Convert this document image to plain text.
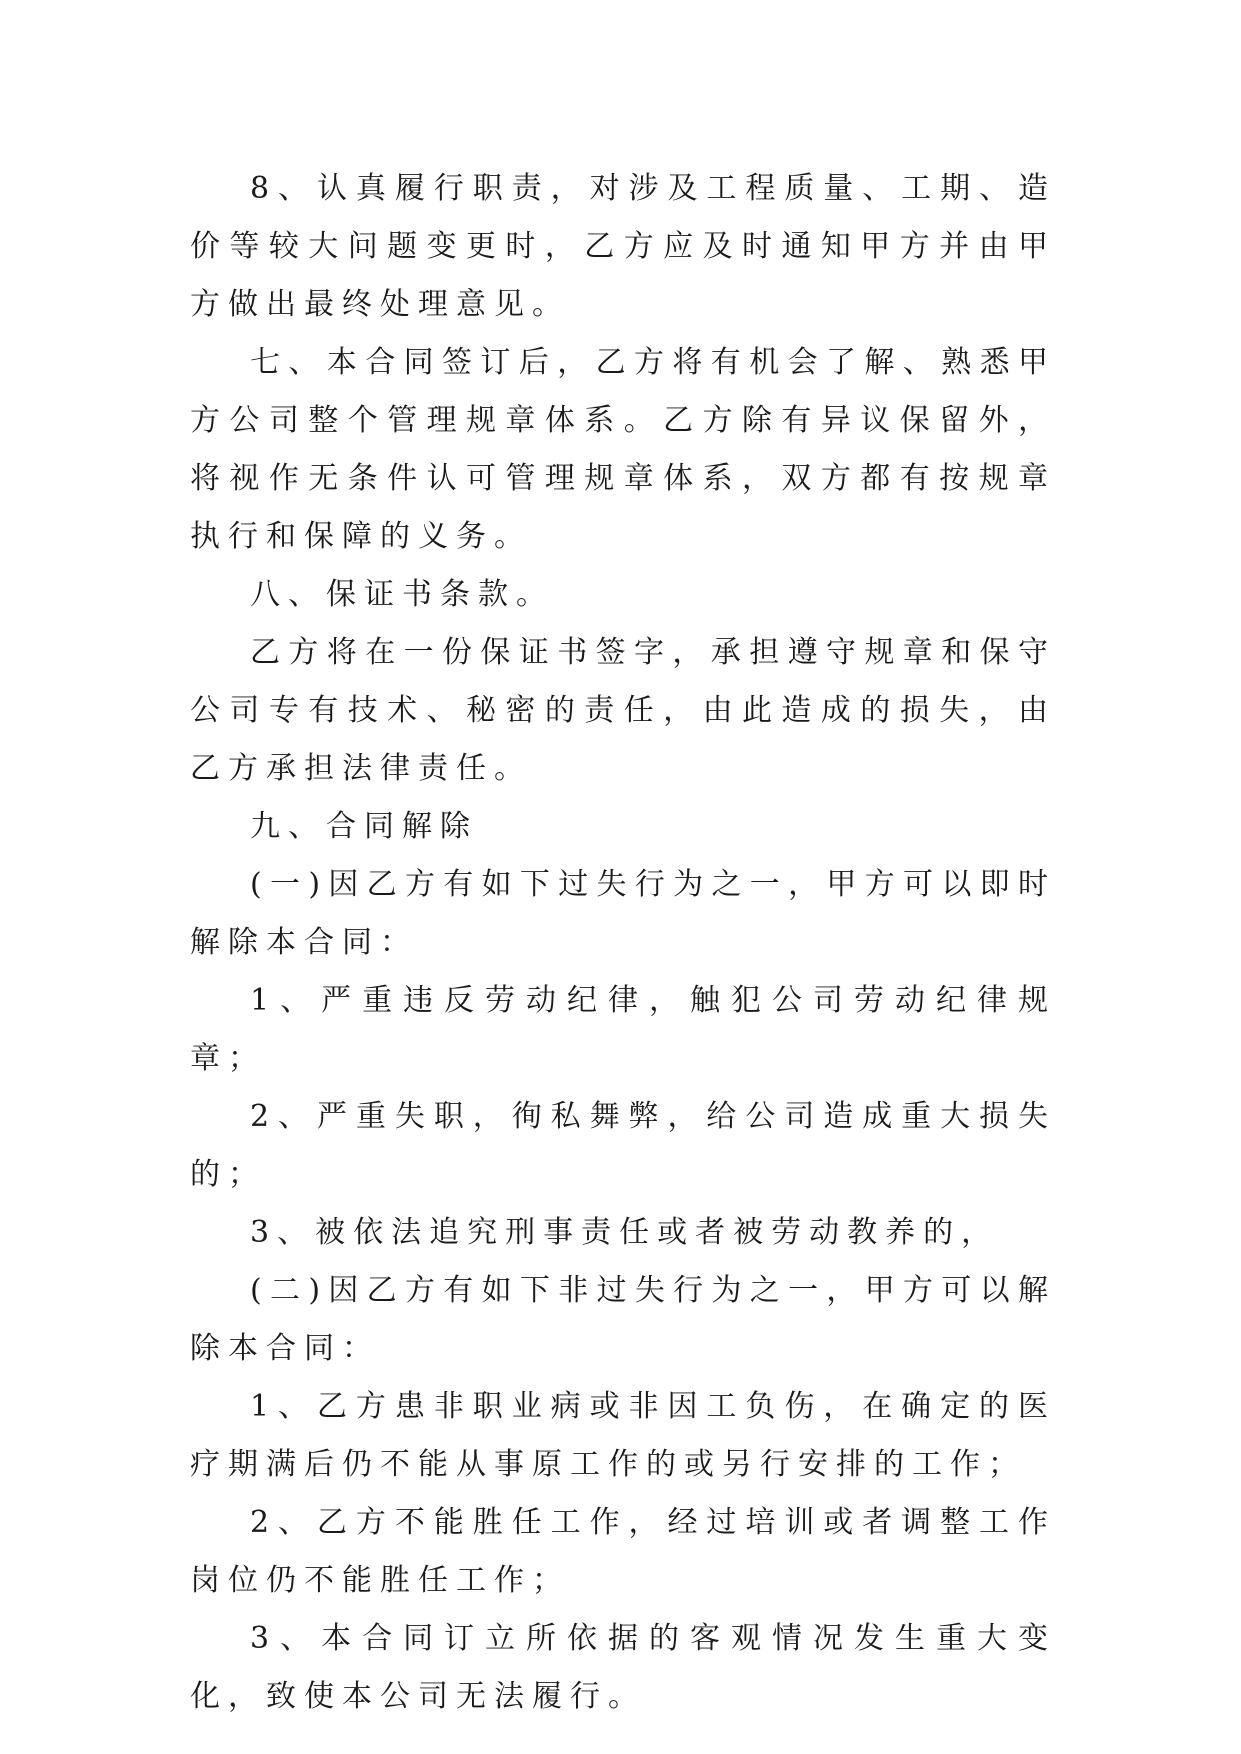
8、认真履行职责，对涉及工程质量、工期、造价等较大问题变更时，乙方应及时通知甲方并由甲方做出最终处理意见。

七、本合同签订后，乙方将有机会了解、熟悉甲方公司整个管理规章体系。乙方除有异议保留外，将视作无条件认可管理规章体系，双方都有按规章执行和保障的义务。

八、保证书条款。

乙方将在一份保证书签字，承担遵守规章和保守公司专有技术、秘密的责任，由此造成的损失，由乙方承担法律责任。

九、合同解除

(一)因乙方有如下过失行为之一，甲方可以即时解除本合同：

1、严重违反劳动纪律，触犯公司劳动纪律规章；

2、严重失职，徇私舞弊，给公司造成重大损失的；

3、被依法追究刑事责任或者被劳动教养的，

(二)因乙方有如下非过失行为之一，甲方可以解除本合同：

1、乙方患非职业病或非因工负伤，在确定的医疗期满后仍不能从事原工作的或另行安排的工作；

2、乙方不能胜任工作，经过培训或者调整工作岗位仍不能胜任工作；

3、本合同订立所依据的客观情况发生重大变化，致使本公司无法履行。
